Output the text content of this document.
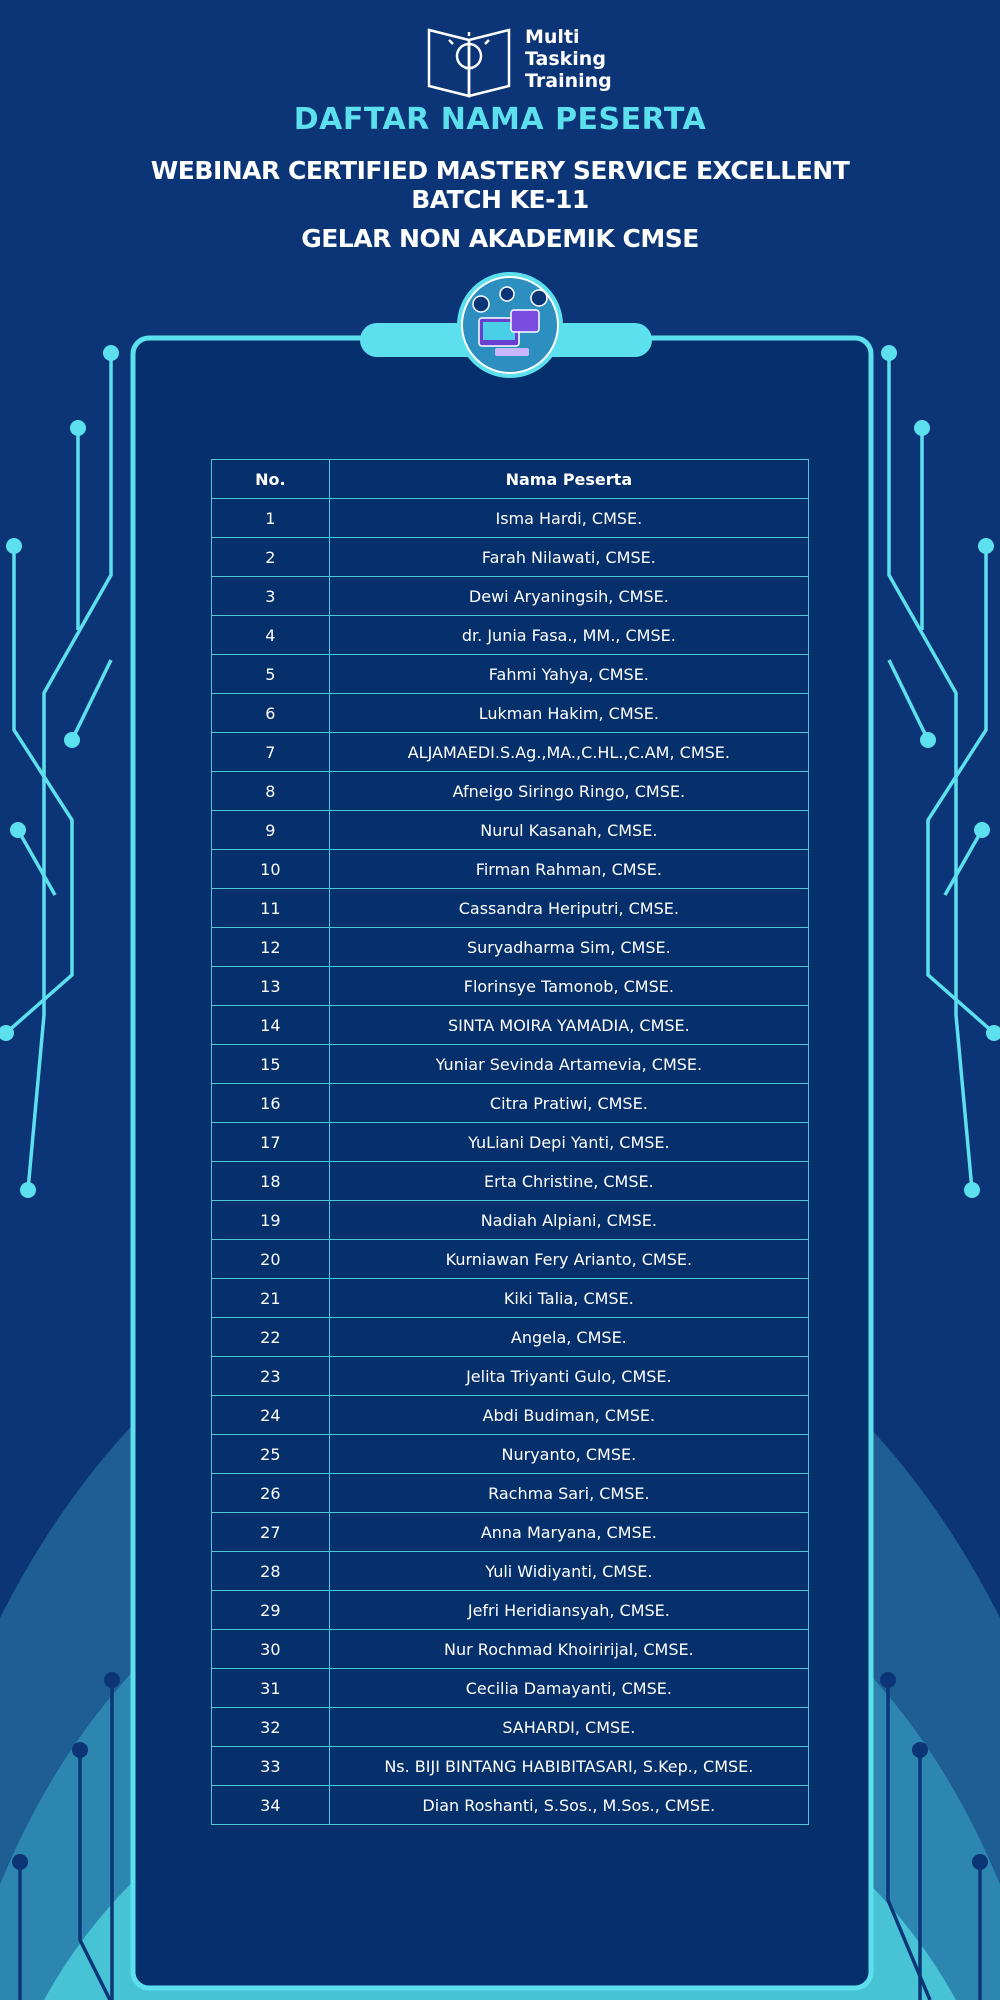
Multi
Tasking
Training
DAFTAR NAMA PESERTA
WEBINAR CERTIFIED MASTERY SERVICE EXCELLENT
BATCH KE-11
GELAR NON AKADEMIK CMSE
No.	Nama Peserta
1	Isma Hardi, CMSE.
2	Farah Nilawati, CMSE.
3	Dewi Aryaningsih, CMSE.
4	dr. Junia Fasa., MM., CMSE.
5	Fahmi Yahya, CMSE.
6	Lukman Hakim, CMSE.
7	ALJAMAEDI.S.Ag.,MA.,C.HL.,C.AM, CMSE.
8	Afneigo Siringo Ringo, CMSE.
9	Nurul Kasanah, CMSE.
10	Firman Rahman, CMSE.
11	Cassandra Heriputri, CMSE.
12	Suryadharma Sim, CMSE.
13	Florinsye Tamonob, CMSE.
14	SINTA MOIRA YAMADIA, CMSE.
15	Yuniar Sevinda Artamevia, CMSE.
16	Citra Pratiwi, CMSE.
17	YuLiani Depi Yanti, CMSE.
18	Erta Christine, CMSE.
19	Nadiah Alpiani, CMSE.
20	Kurniawan Fery Arianto, CMSE.
21	Kiki Talia, CMSE.
22	Angela, CMSE.
23	Jelita Triyanti Gulo, CMSE.
24	Abdi Budiman, CMSE.
25	Nuryanto, CMSE.
26	Rachma Sari, CMSE.
27	Anna Maryana, CMSE.
28	Yuli Widiyanti, CMSE.
29	Jefri Heridiansyah, CMSE.
30	Nur Rochmad Khoiririjal, CMSE.
31	Cecilia Damayanti, CMSE.
32	SAHARDI, CMSE.
33	Ns. BIJI BINTANG HABIBITASARI, S.Kep., CMSE.
34	Dian Roshanti, S.Sos., M.Sos., CMSE.
